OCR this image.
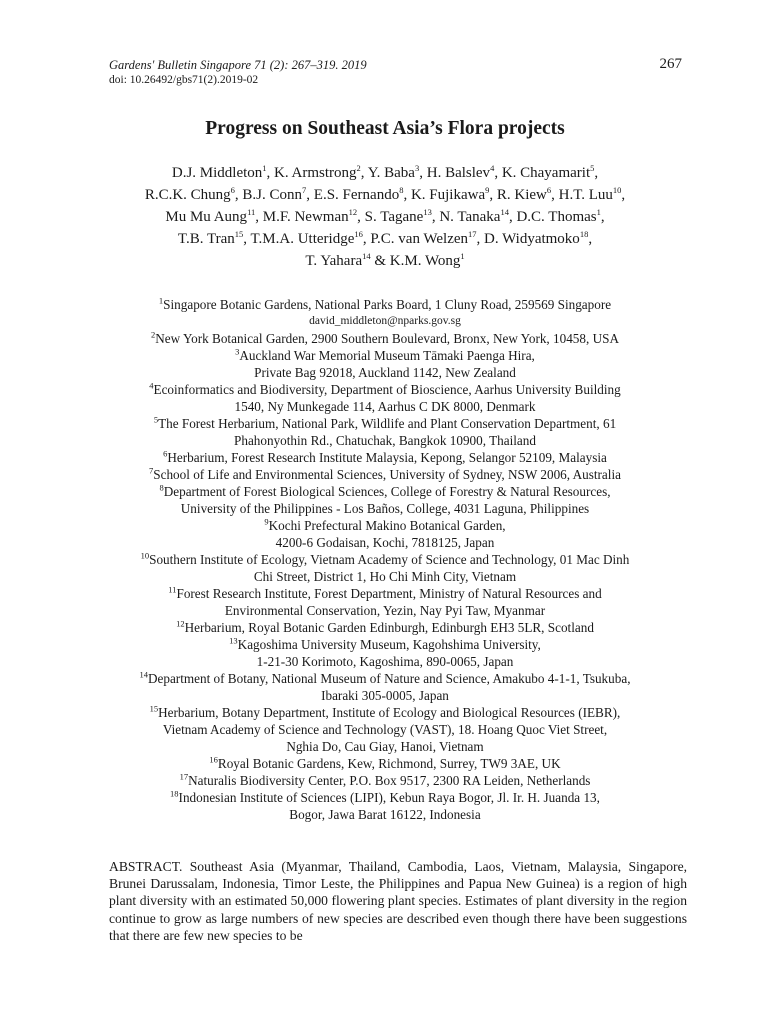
Gardens' Bulletin Singapore 71 (2): 267–319. 2019
doi: 10.26492/gbs71(2).2019-02
267
Progress on Southeast Asia’s Flora projects
D.J. Middleton$^1$, K. Armstrong$^2$, Y. Baba$^3$, H. Balslev$^4$, K. Chayamarit$^5$,
R.C.K. Chung$^6$, B.J. Conn$^7$, E.S. Fernando$^8$, K. Fujikawa$^9$, R. Kiew$^6$, H.T. Luu$^{10}$,
Mu Mu Aung$^{11}$, M.F. Newman$^{12}$, S. Tagane$^{13}$, N. Tanaka$^{14}$, D.C. Thomas$^1$,
T.B. Tran$^{15}$, T.M.A. Utteridge$^{16}$, P.C. van Welzen$^{17}$, D. Widyatmoko$^{18}$,
T. Yahara$^{14}$ & K.M. Wong$^1$
$^1$Singapore Botanic Gardens, National Parks Board, 1 Cluny Road, 259569 Singapore
david_middleton@nparks.gov.sg
$^2$New York Botanical Garden, 2900 Southern Boulevard, Bronx, New York, 10458, USA
$^3$Auckland War Memorial Museum Tāmaki Paenga Hira,
Private Bag 92018, Auckland 1142, New Zealand
$^4$Ecoinformatics and Biodiversity, Department of Bioscience, Aarhus University Building
1540, Ny Munkegade 114, Aarhus C DK 8000, Denmark
$^5$The Forest Herbarium, National Park, Wildlife and Plant Conservation Department, 61
Phahonyothin Rd., Chatuchak, Bangkok 10900, Thailand
$^6$Herbarium, Forest Research Institute Malaysia, Kepong, Selangor 52109, Malaysia
$^7$School of Life and Environmental Sciences, University of Sydney, NSW 2006, Australia
$^8$Department of Forest Biological Sciences, College of Forestry & Natural Resources,
University of the Philippines - Los Baños, College, 4031 Laguna, Philippines
$^9$Kochi Prefectural Makino Botanical Garden,
4200-6 Godaisan, Kochi, 7818125, Japan
$^{10}$Southern Institute of Ecology, Vietnam Academy of Science and Technology, 01 Mac Dinh
Chi Street, District 1, Ho Chi Minh City, Vietnam
$^{11}$Forest Research Institute, Forest Department, Ministry of Natural Resources and
Environmental Conservation, Yezin, Nay Pyi Taw, Myanmar
$^{12}$Herbarium, Royal Botanic Garden Edinburgh, Edinburgh EH3 5LR, Scotland
$^{13}$Kagoshima University Museum, Kagohshima University,
1-21-30 Korimoto, Kagoshima, 890-0065, Japan
$^{14}$Department of Botany, National Museum of Nature and Science, Amakubo 4-1-1, Tsukuba,
Ibaraki 305-0005, Japan
$^{15}$Herbarium, Botany Department, Institute of Ecology and Biological Resources (IEBR),
Vietnam Academy of Science and Technology (VAST), 18. Hoang Quoc Viet Street,
Nghia Do, Cau Giay, Hanoi, Vietnam
$^{16}$Royal Botanic Gardens, Kew, Richmond, Surrey, TW9 3AE, UK
$^{17}$Naturalis Biodiversity Center, P.O. Box 9517, 2300 RA Leiden, Netherlands
$^{18}$Indonesian Institute of Sciences (LIPI), Kebun Raya Bogor, Jl. Ir. H. Juanda 13,
Bogor, Jawa Barat 16122, Indonesia
ABSTRACT. Southeast Asia (Myanmar, Thailand, Cambodia, Laos, Vietnam, Malaysia, Singapore, Brunei Darussalam, Indonesia, Timor Leste, the Philippines and Papua New Guinea) is a region of high plant diversity with an estimated 50,000 flowering plant species. Estimates of plant diversity in the region continue to grow as large numbers of new species are described even though there have been suggestions that there are few new species to be
